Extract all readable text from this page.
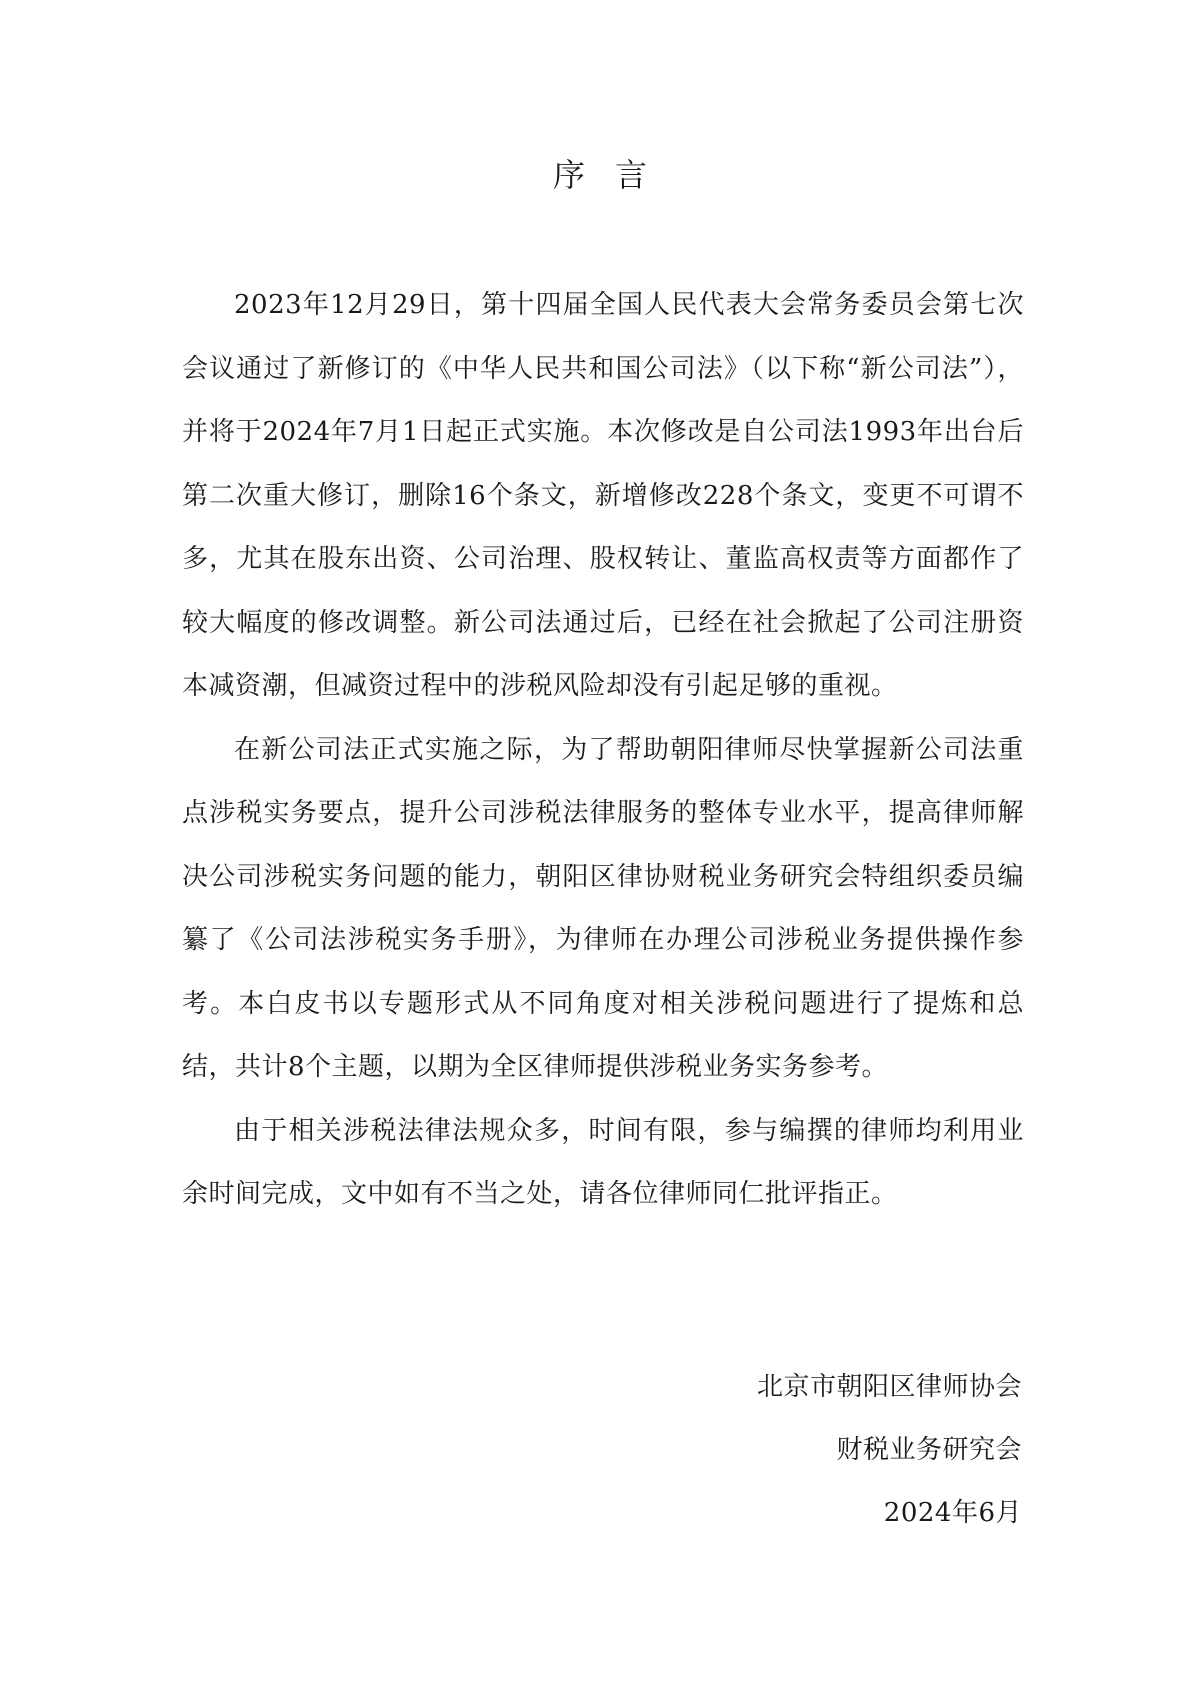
序言

2023年12月29日，第十四届全国人民代表大会常务委员会第七次会议通过了新修订的《中华人民共和国公司法》（以下称“新公司法”），并将于2024年7月1日起正式实施。本次修改是自公司法1993年出台后第二次重大修订，删除16个条文，新增修改228个条文，变更不可谓不多，尤其在股东出资、公司治理、股权转让、董监高权责等方面都作了较大幅度的修改调整。新公司法通过后，已经在社会掀起了公司注册资本减资潮，但减资过程中的涉税风险却没有引起足够的重视。

在新公司法正式实施之际，为了帮助朝阳律师尽快掌握新公司法重点涉税实务要点，提升公司涉税法律服务的整体专业水平，提高律师解决公司涉税实务问题的能力，朝阳区律协财税业务研究会特组织委员编纂了《公司法涉税实务手册》，为律师在办理公司涉税业务提供操作参考。本白皮书以专题形式从不同角度对相关涉税问题进行了提炼和总结，共计8个主题，以期为全区律师提供涉税业务实务参考。

由于相关涉税法律法规众多，时间有限，参与编撰的律师均利用业余时间完成，文中如有不当之处，请各位律师同仁批评指正。

北京市朝阳区律师协会

财税业务研究会

2024年6月
